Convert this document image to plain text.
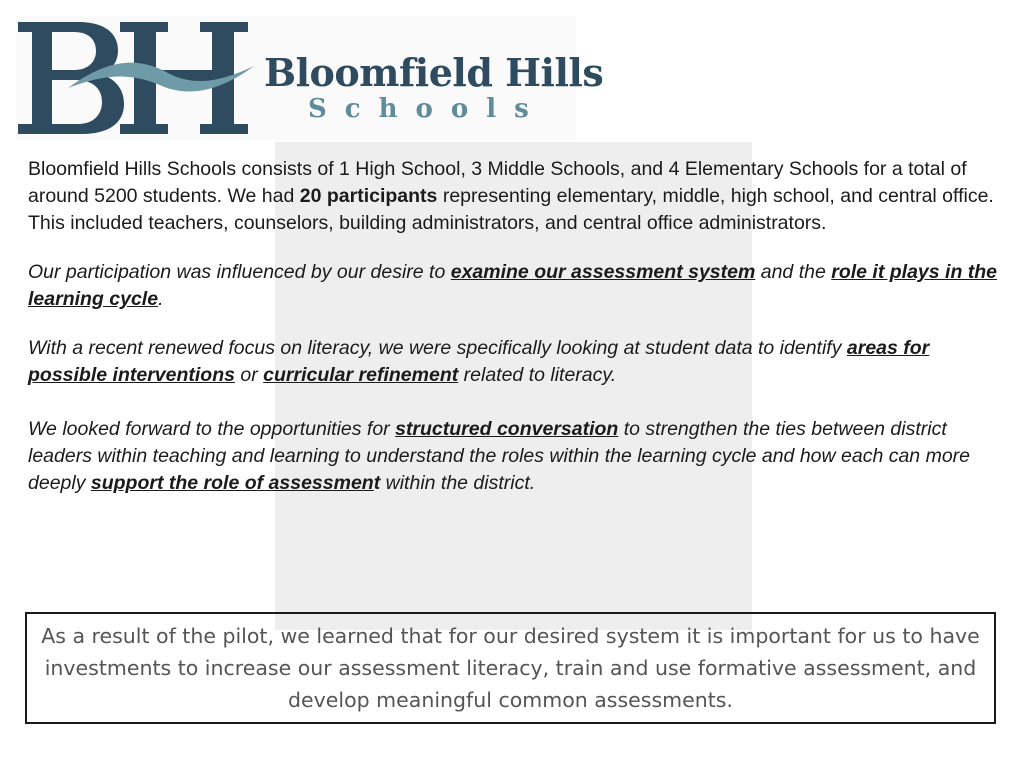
Bloomfield Hills
Schools

Bloomfield Hills Schools consists of 1 High School, 3 Middle Schools, and 4 Elementary Schools for a total of around 5200 students. We had 20 participants representing elementary, middle, high school, and central office. This included teachers, counselors, building administrators, and central office administrators.

Our participation was influenced by our desire to examine our assessment system and the role it plays in the learning cycle.

With a recent renewed focus on literacy, we were specifically looking at student data to identify areas for possible interventions or curricular refinement related to literacy.

We looked forward to the opportunities for structured conversation to strengthen the ties between district leaders within teaching and learning to understand the roles within the learning cycle and how each can more deeply support the role of assessment within the district.

As a result of the pilot, we learned that for our desired system it is important for us to have investments to increase our assessment literacy, train and use formative assessment, and develop meaningful common assessments.
